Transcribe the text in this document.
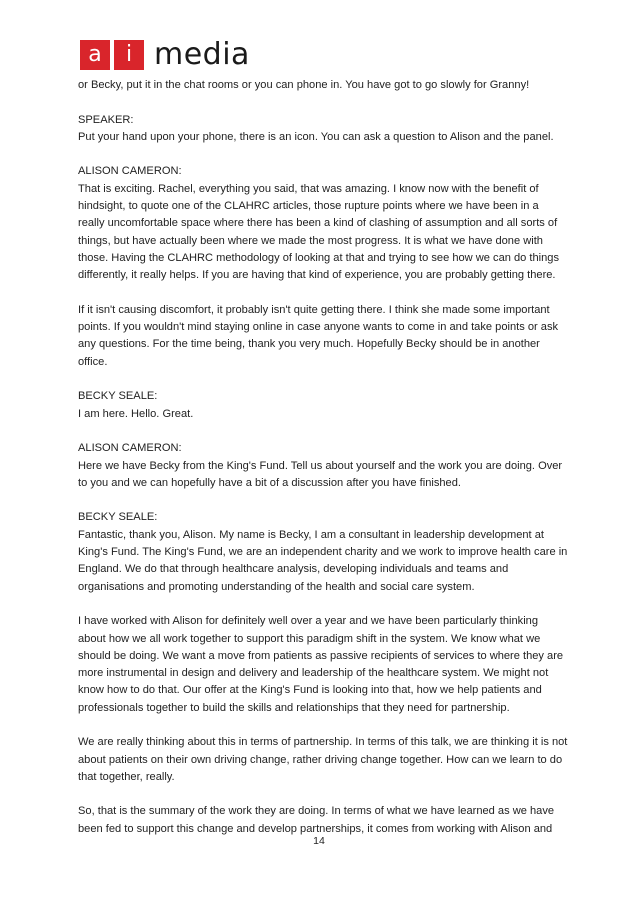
a	i media

or Becky, put it in the chat rooms or you can phone in. You have got to go slowly for Granny!

SPEAKER:
Put your hand upon your phone, there is an icon. You can ask a question to Alison and the panel.

ALISON CAMERON:
That is exciting. Rachel, everything you said, that was amazing. I know now with the benefit of hindsight, to quote one of the CLAHRC articles, those rupture points where we have been in a really uncomfortable space where there has been a kind of clashing of assumption and all sorts of things, but have actually been where we made the most progress. It is what we have done with those. Having the CLAHRC methodology of looking at that and trying to see how we can do things differently, it really helps. If you are having that kind of experience, you are probably getting there.

If it isn't causing discomfort, it probably isn't quite getting there. I think she made some important points. If you wouldn't mind staying online in case anyone wants to come in and take points or ask any questions. For the time being, thank you very much. Hopefully Becky should be in another office.

BECKY SEALE:
I am here. Hello. Great.

ALISON CAMERON:
Here we have Becky from the King's Fund. Tell us about yourself and the work you are doing. Over to you and we can hopefully have a bit of a discussion after you have finished.

BECKY SEALE:
Fantastic, thank you, Alison. My name is Becky, I am a consultant in leadership development at King's Fund. The King's Fund, we are an independent charity and we work to improve health care in England. We do that through healthcare analysis, developing individuals and teams and organisations and promoting understanding of the health and social care system.

I have worked with Alison for definitely well over a year and we have been particularly thinking about how we all work together to support this paradigm shift in the system. We know what we should be doing. We want a move from patients as passive recipients of services to where they are more instrumental in design and delivery and leadership of the healthcare system. We might not know how to do that. Our offer at the King's Fund is looking into that, how we help patients and professionals together to build the skills and relationships that they need for partnership.

We are really thinking about this in terms of partnership. In terms of this talk, we are thinking it is not about patients on their own driving change, rather driving change together. How can we learn to do that together, really.

So, that is the summary of the work they are doing. In terms of what we have learned as we have been fed to support this change and develop partnerships, it comes from working with Alison and

14
